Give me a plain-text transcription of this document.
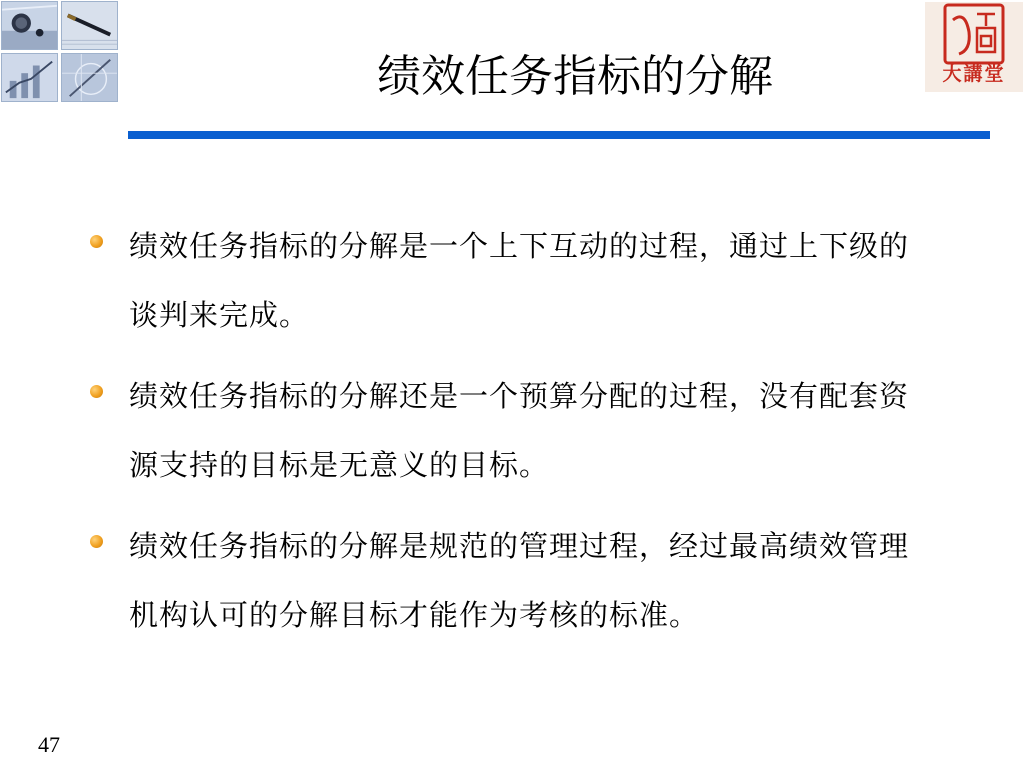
大講堂
绩效任务指标的分解
绩​效​任​务​指​标​的​分​解​是​一​个​上​下​互​动​的​过​程​，​通​过​上​下​级​的​谈​判​来​完​成​。
绩​效​任​务​指​标​的​分​解​还​是​一​个​预​算​分​配​的​过​程​，​没​有​配​套​资​源​支​持​的​目​标​是​无​意​义​的​目​标​。
绩​效​任​务​指​标​的​分​解​是​规​范​的​管​理​过​程​，​经​过​最​高​绩​效​管​理​机​构​认​可​的​分​解​目​标​才​能​作​为​考​核​的​标​准​。
47
